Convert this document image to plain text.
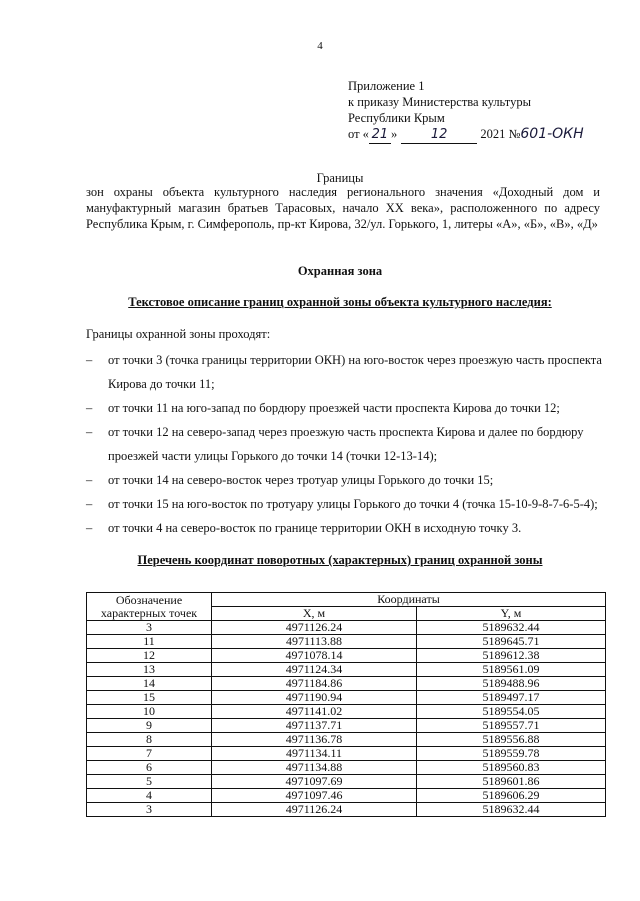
4
Приложение 1
к приказу Министерства культуры
Республики Крым
от « 21 »	12	2021 №601-ОКН
Границы
зон охраны объекта культурного наследия регионального значения «Доходный дом и мануфактурный магазин братьев Тарасовых, начало XX века», расположенного по адресу Республика Крым, г. Симферополь, пр-кт Кирова, 32/ул. Горького, 1, литеры «А», «Б», «В», «Д»
Охранная зона
Текстовое описание границ охранной зоны объекта культурного наследия:
Границы охранной зоны проходят:
– от точки 3 (точка границы территории ОКН) на юго-восток через проезжую часть проспекта Кирова до точки 11;
– от точки 11 на юго-запад по бордюру проезжей части проспекта Кирова до точки 12;
– от точки 12 на северо-запад через проезжую часть проспекта Кирова и далее по бордюру проезжей части улицы Горького до точки 14 (точки 12-13-14);
– от точки 14 на северо-восток через тротуар улицы Горького до точки 15;
– от точки 15 на юго-восток по тротуару улицы Горького до точки 4 (точка 15-10-9-8-7-6-5-4);
– от точки 4 на северо-восток по границе территории ОКН в исходную точку 3.
Перечень координат поворотных (характерных) границ охранной зоны
Обозначение характерных точек	Координаты	
	X, м	Y, м
3	4971126.24	5189632.44
11	4971113.88	5189645.71
12	4971078.14	5189612.38
13	4971124.34	5189561.09
14	4971184.86	5189488.96
15	4971190.94	5189497.17
10	4971141.02	5189554.05
9	4971137.71	5189557.71
8	4971136.78	5189556.88
7	4971134.11	5189559.78
6	4971134.88	5189560.83
5	4971097.69	5189601.86
4	4971097.46	5189606.29
3	4971126.24	5189632.44
